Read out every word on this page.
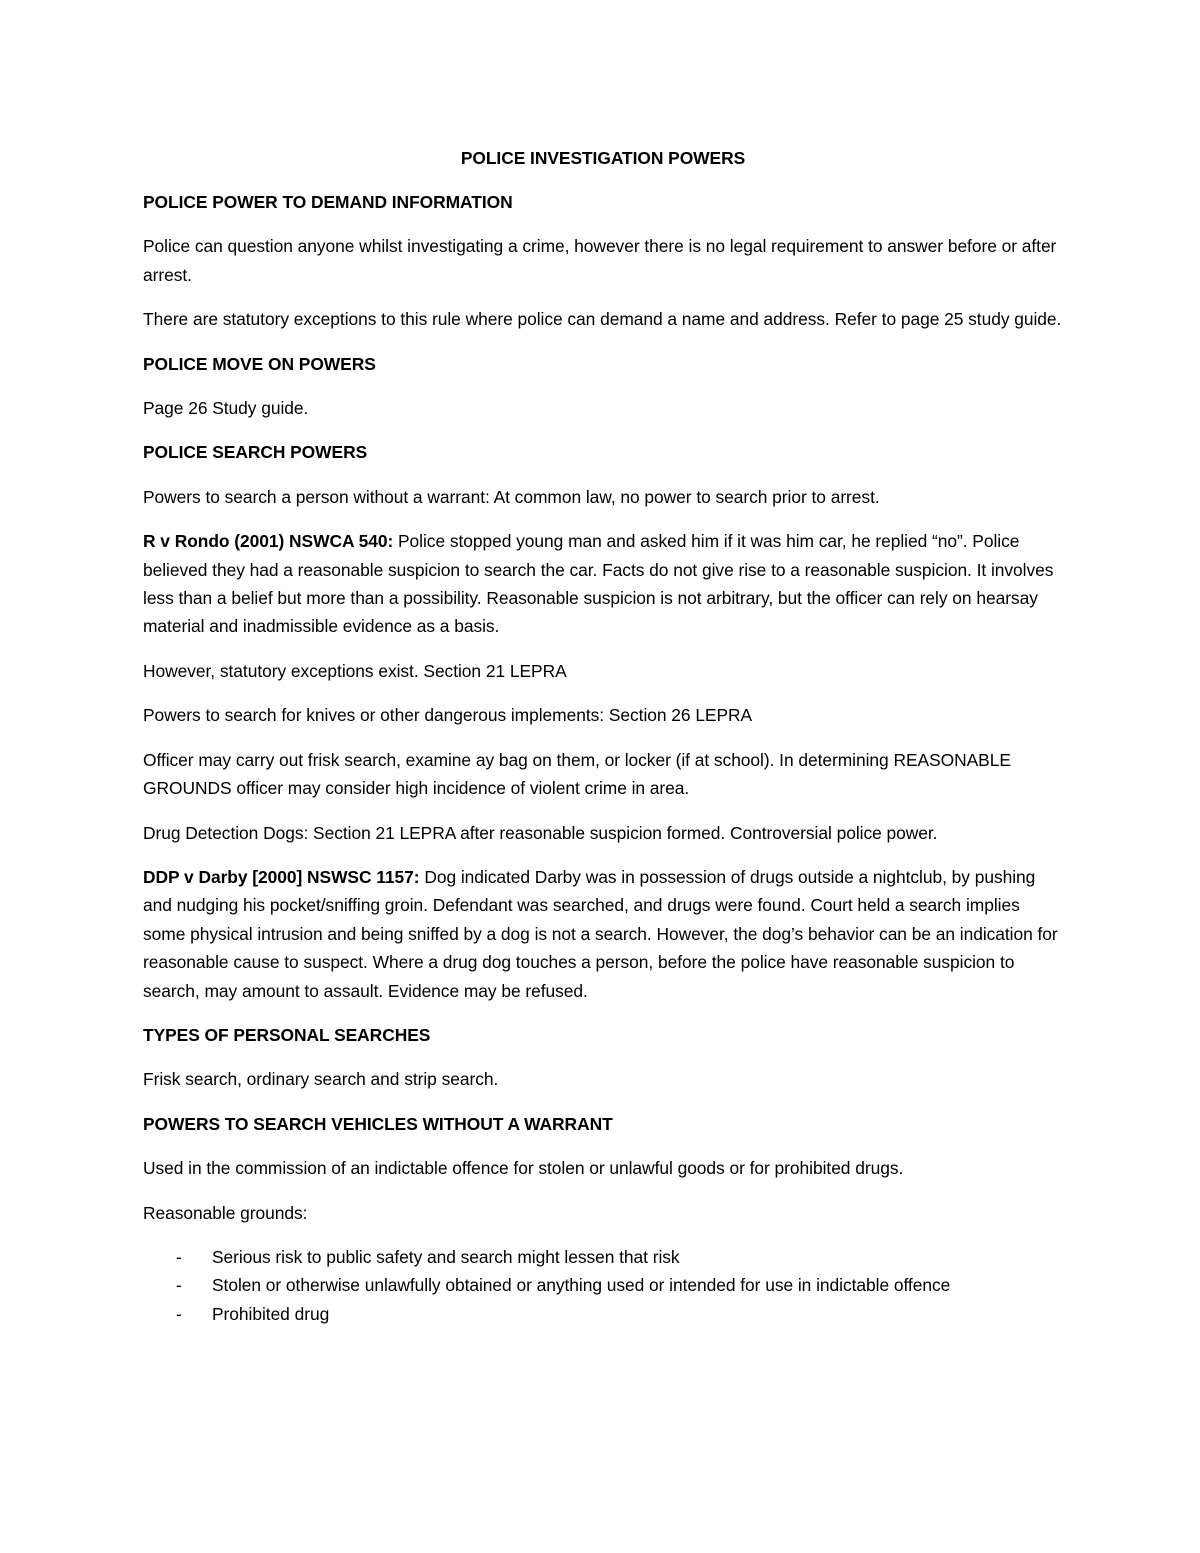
POLICE INVESTIGATION POWERS
POLICE POWER TO DEMAND INFORMATION
Police can question anyone whilst investigating a crime, however there is no legal requirement to answer before or after arrest.
There are statutory exceptions to this rule where police can demand a name and address. Refer to page 25 study guide.
POLICE MOVE ON POWERS
Page 26 Study guide.
POLICE SEARCH POWERS
Powers to search a person without a warrant: At common law, no power to search prior to arrest.
R v Rondo (2001) NSWCA 540: Police stopped young man and asked him if it was him car, he replied “no”. Police believed they had a reasonable suspicion to search the car. Facts do not give rise to a reasonable suspicion. It involves less than a belief but more than a possibility. Reasonable suspicion is not arbitrary, but the officer can rely on hearsay material and inadmissible evidence as a basis.
However, statutory exceptions exist. Section 21 LEPRA
Powers to search for knives or other dangerous implements: Section 26 LEPRA
Officer may carry out frisk search, examine ay bag on them, or locker (if at school). In determining REASONABLE GROUNDS officer may consider high incidence of violent crime in area.
Drug Detection Dogs: Section 21 LEPRA after reasonable suspicion formed. Controversial police power.
DDP v Darby [2000] NSWSC 1157: Dog indicated Darby was in possession of drugs outside a nightclub, by pushing and nudging his pocket/sniffing groin. Defendant was searched, and drugs were found. Court held a search implies some physical intrusion and being sniffed by a dog is not a search. However, the dog’s behavior can be an indication for reasonable cause to suspect. Where a drug dog touches a person, before the police have reasonable suspicion to search, may amount to assault. Evidence may be refused.
TYPES OF PERSONAL SEARCHES
Frisk search, ordinary search and strip search.
POWERS TO SEARCH VEHICLES WITHOUT A WARRANT
Used in the commission of an indictable offence for stolen or unlawful goods or for prohibited drugs.
Reasonable grounds:
- Serious risk to public safety and search might lessen that risk
- Stolen or otherwise unlawfully obtained or anything used or intended for use in indictable offence
- Prohibited drug
